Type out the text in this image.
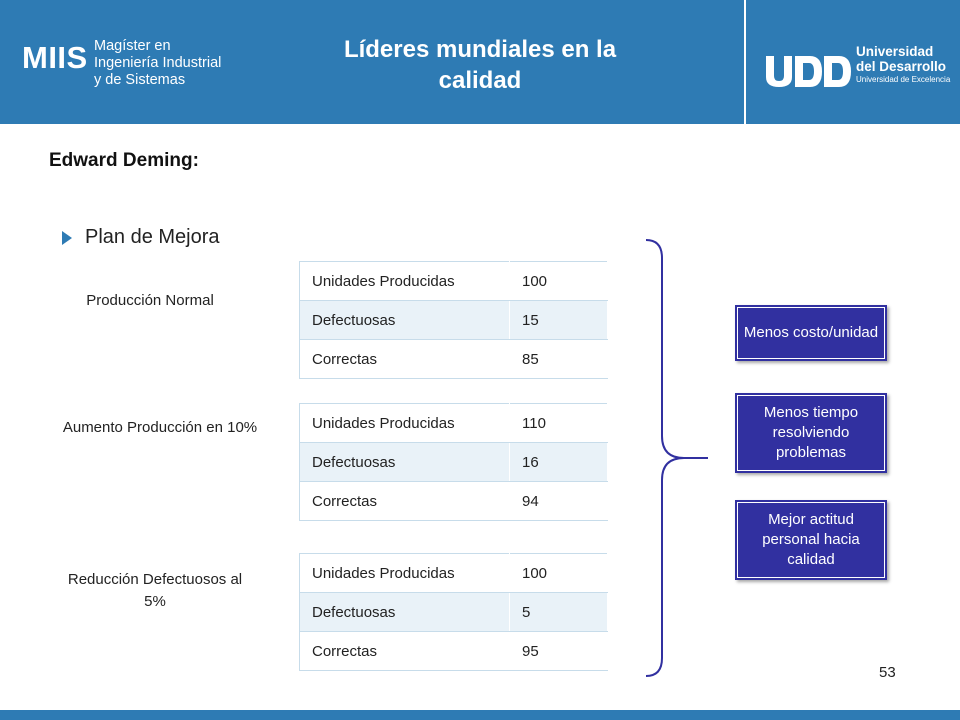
MIIS Magíster en
Ingeniería Industrial
y de Sistemas
Líderes mundiales en la
calidad
Universidad
del Desarrollo
Universidad de Excelencia
Edward Deming:
Plan de Mejora
Producción Normal
Aumento Producción en 10%
Reducción Defectuosos al 5%
Unidades Producidas	100
Defectuosas	15
Correctas	85
Unidades Producidas	110
Defectuosas	16
Correctas	94
Unidades Producidas	100
Defectuosas	5
Correctas	95
Menos costo/unidad
Menos tiempo resolviendo problemas
Mejor actitud personal hacia calidad
53
